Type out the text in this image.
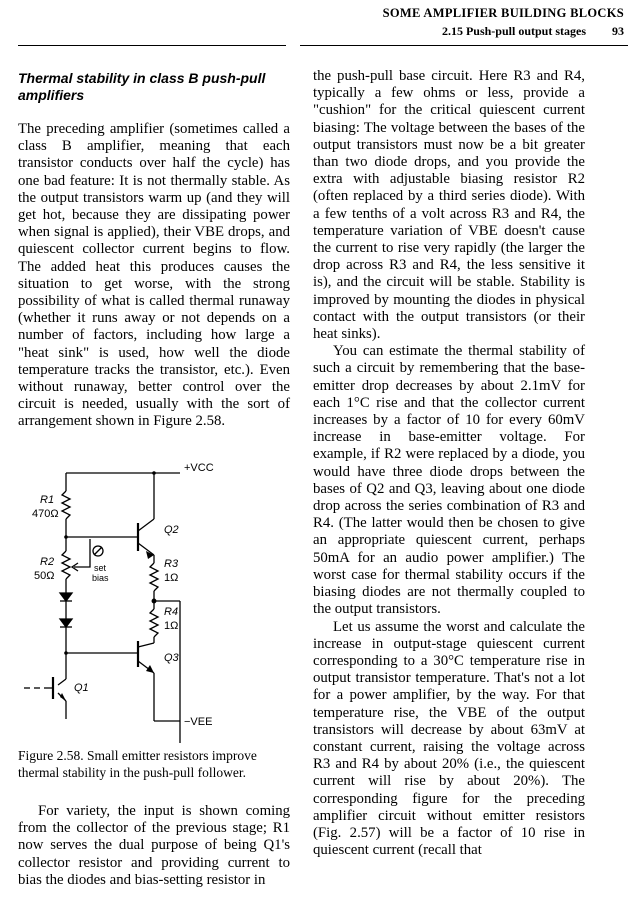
SOME AMPLIFIER BUILDING BLOCKS
2.15 Push-pull output stages 93
Thermal stability in class B push-pull amplifiers

The preceding amplifier (sometimes called a class B amplifier, meaning that each transistor conducts over half the cycle) has one bad feature: It is not thermally stable. As the output transistors warm up (and they will get hot, because they are dissipating power when signal is applied), their VBE drops, and quiescent collector current begins to flow. The added heat this produces causes the situation to get worse, with the strong possibility of what is called thermal runaway (whether it runs away or not depends on a number of factors, including how large a "heat sink" is used, how well the diode temperature tracks the transistor, etc.). Even without runaway, better control over the circuit is needed, usually with the sort of arrangement shown in Figure 2.58.

+VCC
−VEE
R1
470Ω
R2
50Ω
set
bias
R3
1Ω
R4
1Ω
Q1
Q2
Q3
Figure 2.58. Small emitter resistors improve thermal stability in the push-pull follower.

For variety, the input is shown coming from the collector of the previous stage; R1 now serves the dual purpose of being Q1's collector resistor and providing current to bias the diodes and bias-setting resistor in

the push-pull base circuit. Here R3 and R4, typically a few ohms or less, provide a "cushion" for the critical quiescent current biasing: The voltage between the bases of the output transistors must now be a bit greater than two diode drops, and you provide the extra with adjustable biasing resistor R2 (often replaced by a third series diode). With a few tenths of a volt across R3 and R4, the temperature variation of VBE doesn't cause the current to rise very rapidly (the larger the drop across R3 and R4, the less sensitive it is), and the circuit will be stable. Stability is improved by mounting the diodes in physical contact with the output transistors (or their heat sinks).

You can estimate the thermal stability of such a circuit by remembering that the base-emitter drop decreases by about 2.1mV for each 1°C rise and that the collector current increases by a factor of 10 for every 60mV increase in base-emitter voltage. For example, if R2 were replaced by a diode, you would have three diode drops between the bases of Q2 and Q3, leaving about one diode drop across the series combination of R3 and R4. (The latter would then be chosen to give an appropriate quiescent current, perhaps 50mA for an audio power amplifier.) The worst case for thermal stability occurs if the biasing diodes are not thermally coupled to the output transistors.

Let us assume the worst and calculate the increase in output-stage quiescent current corresponding to a 30°C temperature rise in output transistor temperature. That's not a lot for a power amplifier, by the way. For that temperature rise, the VBE of the output transistors will decrease by about 63mV at constant current, raising the voltage across R3 and R4 by about 20% (i.e., the quiescent current will rise by about 20%). The corresponding figure for the preceding amplifier circuit without emitter resistors (Fig. 2.57) will be a factor of 10 rise in quiescent current (recall that
